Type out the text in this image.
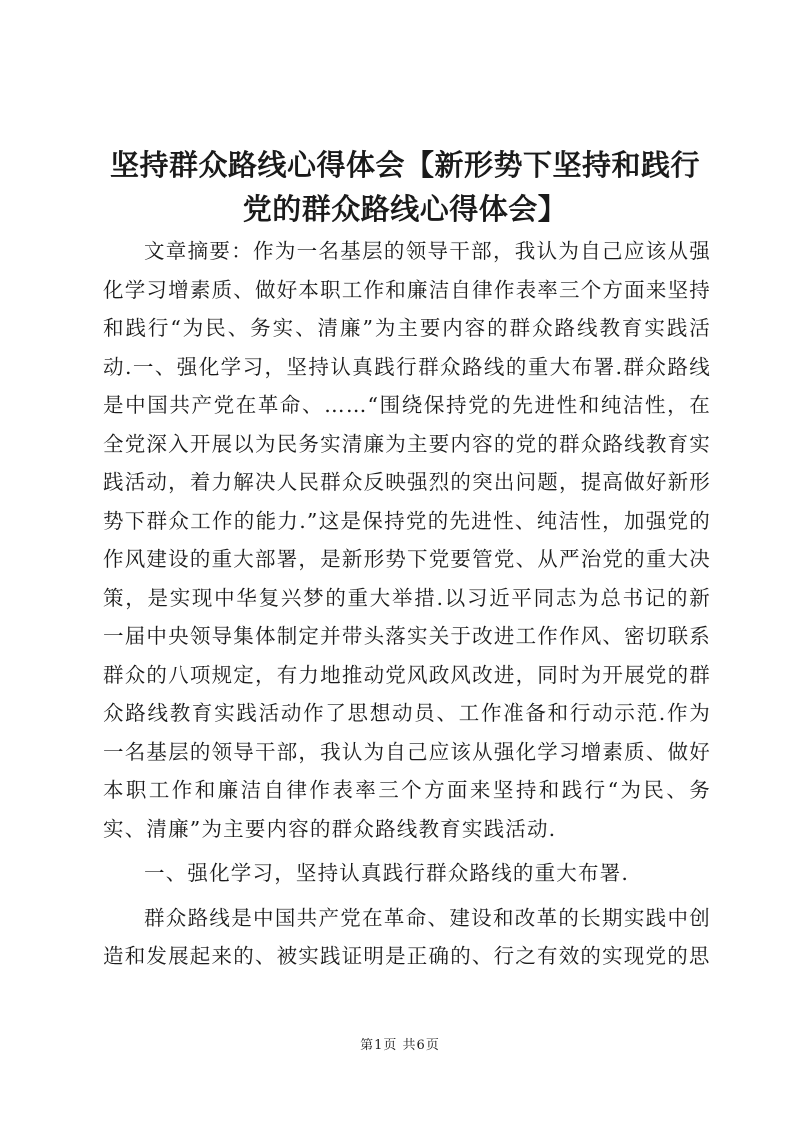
坚持群众路线心得体会【新形势下坚持和践行党的群众路线心得体会】

文章摘要：作为一名基层的领导干部，我认为自己应该从强化学习增素质、做好本职工作和廉洁自律作表率三个方面来坚持和践行“为民、务实、清廉”为主要内容的群众路线教育实践活动.一、强化学习，坚持认真践行群众路线的重大布署.群众路线是中国共产党在革命、……“围绕保持党的先进性和纯洁性，在全党深入开展以为民务实清廉为主要内容的党的群众路线教育实践活动，着力解决人民群众反映强烈的突出问题，提高做好新形势下群众工作的能力.”这是保持党的先进性、纯洁性，加强党的作风建设的重大部署，是新形势下党要管党、从严治党的重大决策，是实现中华复兴梦的重大举措.以习近平同志为总书记的新一届中央领导集体制定并带头落实关于改进工作作风、密切联系群众的八项规定，有力地推动党风政风改进，同时为开展党的群众路线教育实践活动作了思想动员、工作准备和行动示范.作为一名基层的领导干部，我认为自己应该从强化学习增素质、做好本职工作和廉洁自律作表率三个方面来坚持和践行“为民、务实、清廉”为主要内容的群众路线教育实践活动.

一、强化学习，坚持认真践行群众路线的重大布署.

群众路线是中国共产党在革命、建设和改革的长期实践中创造和发展起来的、被实践证明是正确的、行之有效的实现党的思

第1页 共6页
